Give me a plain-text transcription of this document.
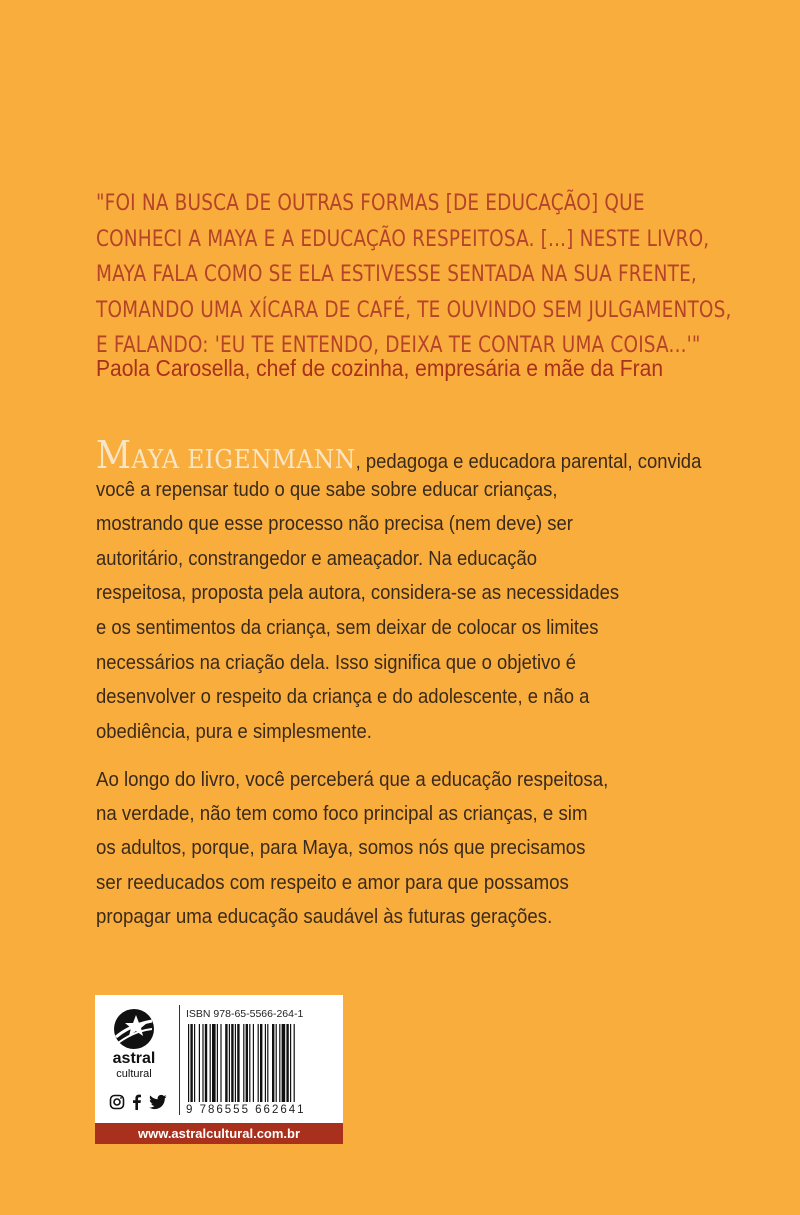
"FOI NA BUSCA DE OUTRAS FORMAS [DE EDUCAÇÃO] QUE
CONHECI A MAYA E A EDUCAÇÃO RESPEITOSA. [...] NESTE LIVRO,
MAYA FALA COMO SE ELA ESTIVESSE SENTADA NA SUA FRENTE,
TOMANDO UMA XÍCARA DE CAFÉ, TE OUVINDO SEM JULGAMENTOS,
E FALANDO: 'EU TE ENTENDO, DEIXA TE CONTAR UMA COISA...'"
Paola Carosella, chef de cozinha, empresária e mãe da Fran
MAYA EIGENMANN, pedagoga e educadora parental, convida
você a repensar tudo o que sabe sobre educar crianças,
mostrando que esse processo não precisa (nem deve) ser
autoritário, constrangedor e ameaçador. Na educação
respeitosa, proposta pela autora, considera-se as necessidades
e os sentimentos da criança, sem deixar de colocar os limites
necessários na criação dela. Isso significa que o objetivo é
desenvolver o respeito da criança e do adolescente, e não a
obediência, pura e simplesmente.
Ao longo do livro, você perceberá que a educação respeitosa,
na verdade, não tem como foco principal as crianças, e sim
os adultos, porque, para Maya, somos nós que precisamos
ser reeducados com respeito e amor para que possamos
propagar uma educação saudável às futuras gerações.
astral
cultural
ISBN 978-65-5566-264-1
9 786555 662641
www.astralcultural.com.br
